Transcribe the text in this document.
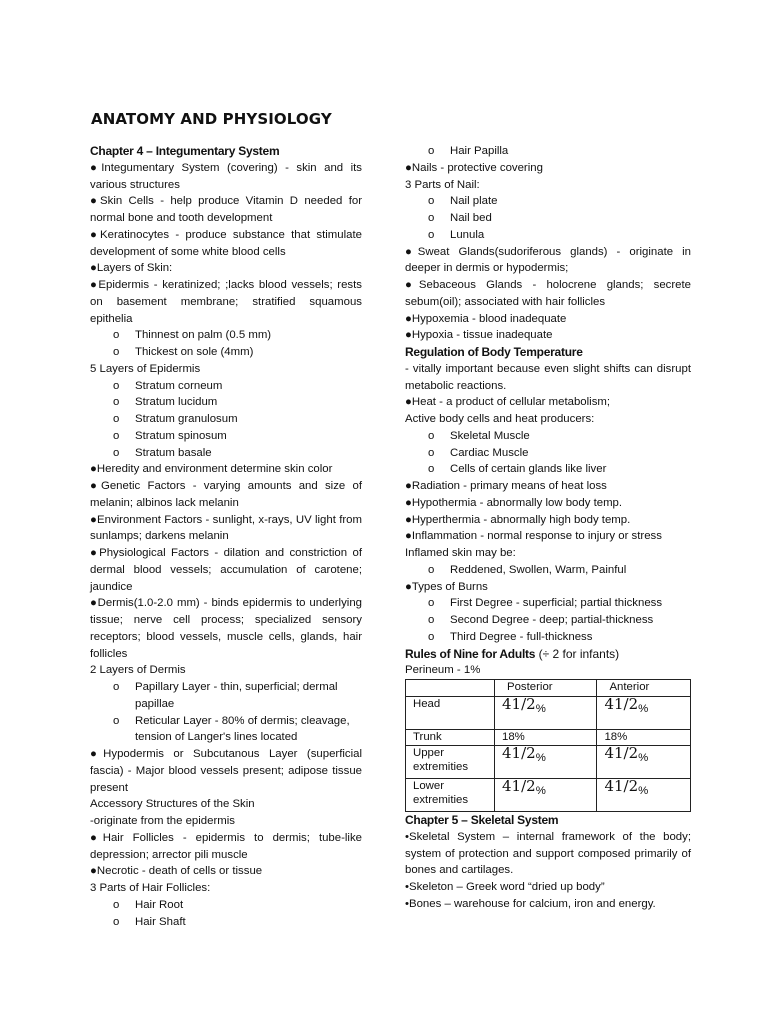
ANATOMY AND PHYSIOLOGY

Chapter 4 – Integumentary System

●Integumentary System (covering) - skin and its various structures

●Skin Cells - help produce Vitamin D needed for normal bone and tooth development

●Keratinocytes - produce substance that stimulate development of some white blood cells

●Layers of Skin:

●Epidermis - keratinized; ;lacks blood vessels; rests on basement membrane; stratified squamous epithelia

o Thinnest on palm (0.5 mm)

o Thickest on sole (4mm)

5 Layers of Epidermis

o Stratum corneum

o Stratum lucidum

o Stratum granulosum

o Stratum spinosum

o Stratum basale

●Heredity and environment determine skin color

●Genetic Factors - varying amounts and size of melanin; albinos lack melanin

●Environment Factors - sunlight, x-rays, UV light from sunlamps; darkens melanin

●Physiological Factors - dilation and constriction of dermal blood vessels; accumulation of carotene; jaundice

●Dermis(1.0-2.0 mm) - binds epidermis to underlying tissue; nerve cell process; specialized sensory receptors; blood vessels, muscle cells, glands, hair follicles

2 Layers of Dermis

o Papillary Layer - thin, superficial; dermal papillae

o Reticular Layer - 80% of dermis; cleavage, tension of Langer's lines located

●Hypodermis or Subcutanous Layer (superficial fascia) - Major blood vessels present; adipose tissue present

Accessory Structures of the Skin

-originate from the epidermis

●Hair Follicles - epidermis to dermis; tube-like depression; arrector pili muscle

●Necrotic - death of cells or tissue

3 Parts of Hair Follicles:

o Hair Root

o Hair Shaft

o Hair Papilla

●Nails - protective covering

3 Parts of Nail:

o Nail plate

o Nail bed

o Lunula

●Sweat Glands(sudoriferous glands) - originate in deeper in dermis or hypodermis;

●Sebaceous Glands - holocrene glands; secrete sebum(oil); associated with hair follicles

●Hypoxemia - blood inadequate

●Hypoxia - tissue inadequate

Regulation of Body Temperature

- vitally important because even slight shifts can disrupt metabolic reactions.

●Heat - a product of cellular metabolism;

Active body cells and heat producers:

o Skeletal Muscle

o Cardiac Muscle

o Cells of certain glands like liver

●Radiation - primary means of heat loss

●Hypothermia - abnormally low body temp.

●Hyperthermia - abnormally high body temp.

●Inflammation - normal response to injury or stress

Inflamed skin may be:

o Reddened, Swollen, Warm, Painful

●Types of Burns

o First Degree - superficial; partial thickness

o Second Degree - deep; partial-thickness

o Third Degree - full-thickness

Rules of Nine for Adults (÷ 2 for infants)

Perineum - 1%

	Posterior	Anterior
Head	41/2%	41/2%
Trunk	18%	18%
Upper extremities	41/2%	41/2%
Lower extremities	41/2%	41/2%

Chapter 5 – Skeletal System

•Skeletal System – internal framework of the body; system of protection and support composed primarily of bones and cartilages.

•Skeleton – Greek word “dried up body”

•Bones – warehouse for calcium, iron and energy.
